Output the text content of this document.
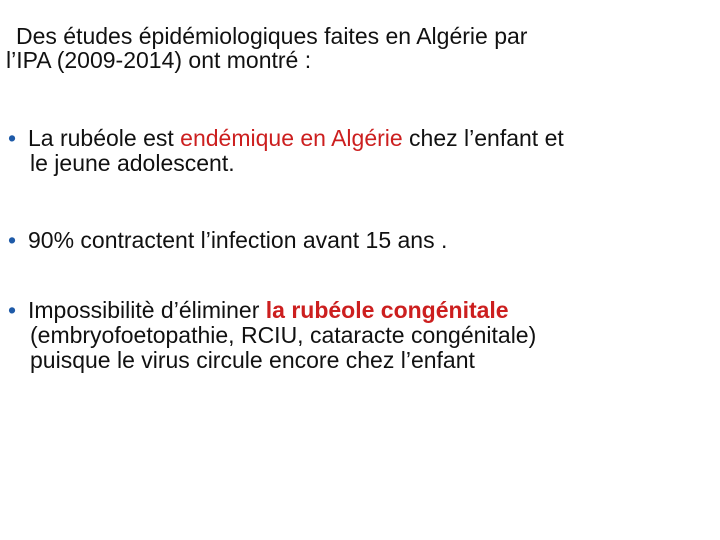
Des études épidémiologiques faites en Algérie par
l’IPA (2009-2014) ont montré :
• La rubéole est endémique en Algérie chez l’enfant et
le jeune adolescent.
• 90% contractent l’infection avant 15 ans .
• Impossibilitè d’éliminer la rubéole congénitale
(embryofoetopathie, RCIU, cataracte congénitale)
puisque le virus circule encore chez l’enfant
